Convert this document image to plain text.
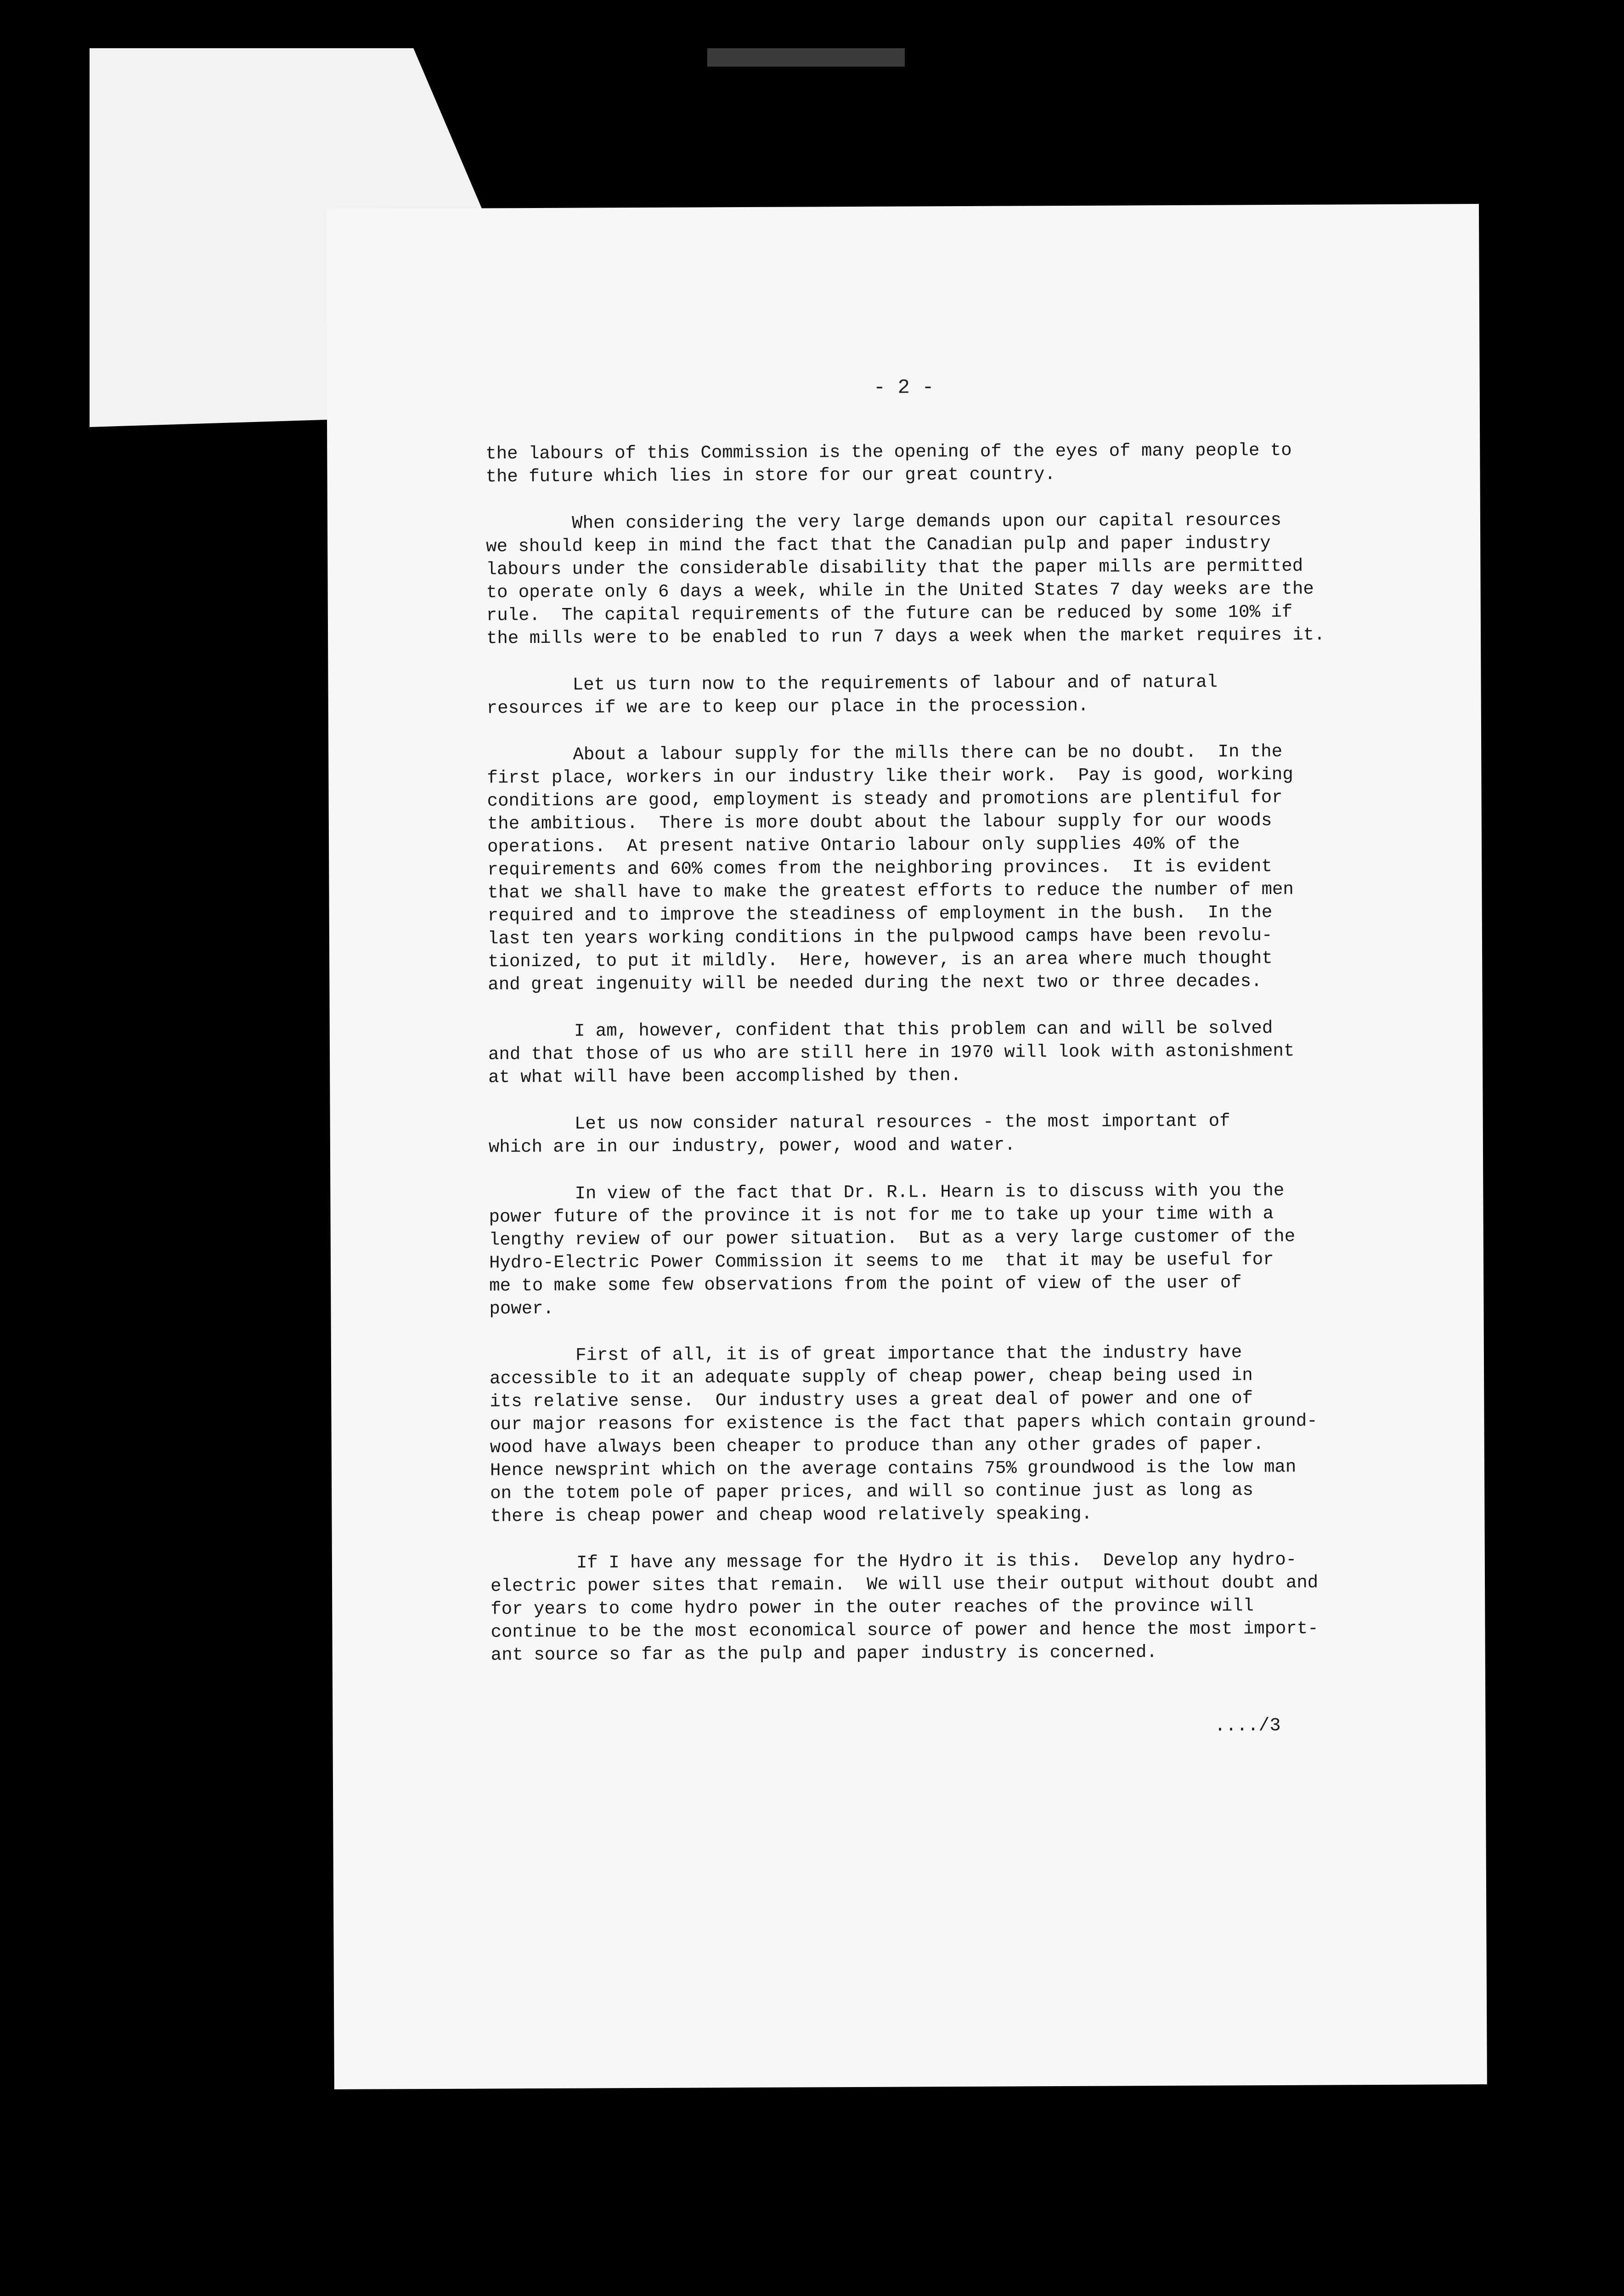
- 2 -

the labours of this Commission is the opening of the eyes of many people to
the future which lies in store for our great country.

When considering the very large demands upon our capital resources
we should keep in mind the fact that the Canadian pulp and paper industry
labours under the considerable disability that the paper mills are permitted
to operate only 6 days a week, while in the United States 7 day weeks are the
rule.  The capital requirements of the future can be reduced by some 10% if
the mills were to be enabled to run 7 days a week when the market requires it.

Let us turn now to the requirements of labour and of natural
resources if we are to keep our place in the procession.

About a labour supply for the mills there can be no doubt.  In the
first place, workers in our industry like their work.  Pay is good, working
conditions are good, employment is steady and promotions are plentiful for
the ambitious.  There is more doubt about the labour supply for our woods
operations.  At present native Ontario labour only supplies 40% of the
requirements and 60% comes from the neighboring provinces.  It is evident
that we shall have to make the greatest efforts to reduce the number of men
required and to improve the steadiness of employment in the bush.  In the
last ten years working conditions in the pulpwood camps have been revolu-
tionized, to put it mildly.  Here, however, is an area where much thought
and great ingenuity will be needed during the next two or three decades.

I am, however, confident that this problem can and will be solved
and that those of us who are still here in 1970 will look with astonishment
at what will have been accomplished by then.

Let us now consider natural resources - the most important of
which are in our industry, power, wood and water.

In view of the fact that Dr. R.L. Hearn is to discuss with you the
power future of the province it is not for me to take up your time with a
lengthy review of our power situation.  But as a very large customer of the
Hydro-Electric Power Commission it seems to me  that it may be useful for
me to make some few observations from the point of view of the user of
power.

First of all, it is of great importance that the industry have
accessible to it an adequate supply of cheap power, cheap being used in
its relative sense.  Our industry uses a great deal of power and one of
our major reasons for existence is the fact that papers which contain ground-
wood have always been cheaper to produce than any other grades of paper.
Hence newsprint which on the average contains 75% groundwood is the low man
on the totem pole of paper prices, and will so continue just as long as
there is cheap power and cheap wood relatively speaking.

If I have any message for the Hydro it is this.  Develop any hydro-
electric power sites that remain.  We will use their output without doubt and
for years to come hydro power in the outer reaches of the province will
continue to be the most economical source of power and hence the most import-
ant source so far as the pulp and paper industry is concerned.

..../3
